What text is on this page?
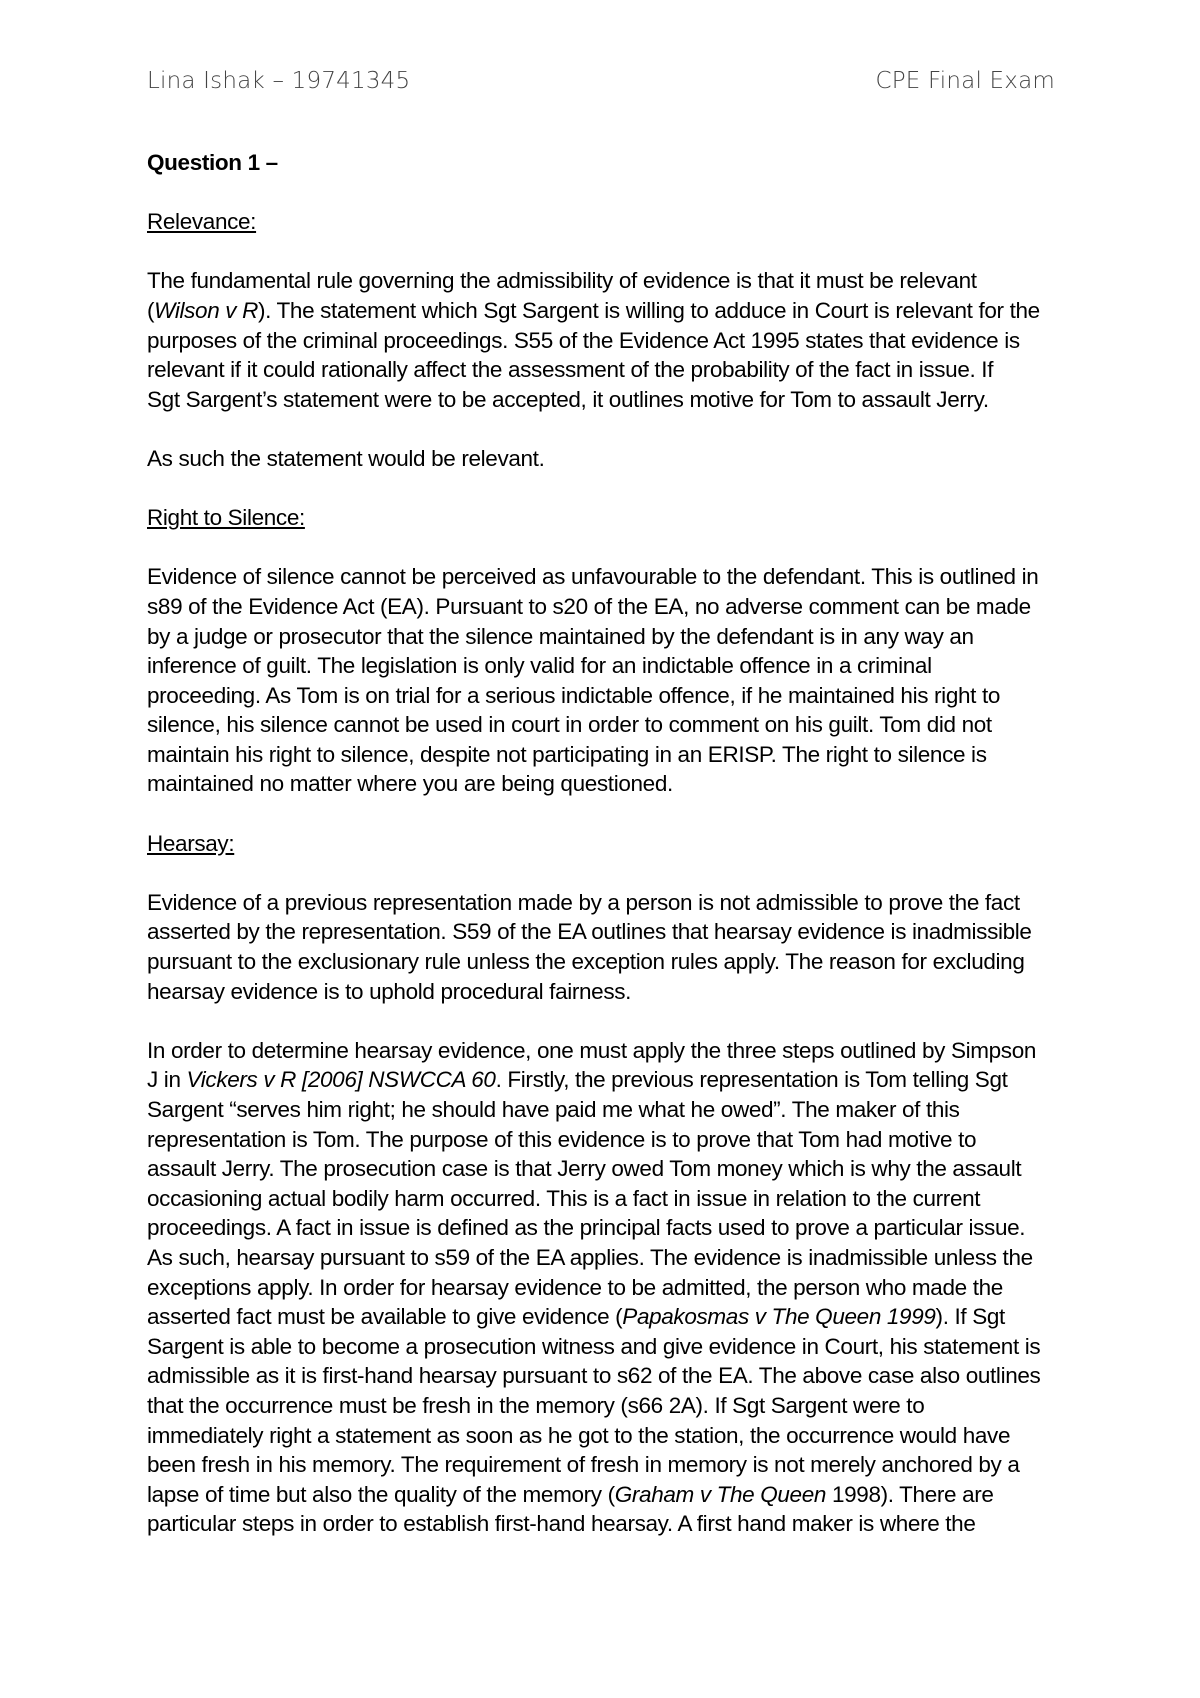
Lina Ishak – 19741345	CPE Final Exam

Question 1 –

Relevance:

The fundamental rule governing the admissibility of evidence is that it must be relevant
(Wilson v R). The statement which Sgt Sargent is willing to adduce in Court is relevant for the
purposes of the criminal proceedings. S55 of the Evidence Act 1995 states that evidence is
relevant if it could rationally affect the assessment of the probability of the fact in issue. If
Sgt Sargent’s statement were to be accepted, it outlines motive for Tom to assault Jerry.

As such the statement would be relevant.

Right to Silence:

Evidence of silence cannot be perceived as unfavourable to the defendant. This is outlined in
s89 of the Evidence Act (EA). Pursuant to s20 of the EA, no adverse comment can be made
by a judge or prosecutor that the silence maintained by the defendant is in any way an
inference of guilt. The legislation is only valid for an indictable offence in a criminal
proceeding. As Tom is on trial for a serious indictable offence, if he maintained his right to
silence, his silence cannot be used in court in order to comment on his guilt. Tom did not
maintain his right to silence, despite not participating in an ERISP. The right to silence is
maintained no matter where you are being questioned.

Hearsay:

Evidence of a previous representation made by a person is not admissible to prove the fact
asserted by the representation. S59 of the EA outlines that hearsay evidence is inadmissible
pursuant to the exclusionary rule unless the exception rules apply. The reason for excluding
hearsay evidence is to uphold procedural fairness.

In order to determine hearsay evidence, one must apply the three steps outlined by Simpson
J in Vickers v R [2006] NSWCCA 60. Firstly, the previous representation is Tom telling Sgt
Sargent “serves him right; he should have paid me what he owed”. The maker of this
representation is Tom. The purpose of this evidence is to prove that Tom had motive to
assault Jerry. The prosecution case is that Jerry owed Tom money which is why the assault
occasioning actual bodily harm occurred. This is a fact in issue in relation to the current
proceedings. A fact in issue is defined as the principal facts used to prove a particular issue.
As such, hearsay pursuant to s59 of the EA applies. The evidence is inadmissible unless the
exceptions apply. In order for hearsay evidence to be admitted, the person who made the
asserted fact must be available to give evidence (Papakosmas v The Queen 1999). If Sgt
Sargent is able to become a prosecution witness and give evidence in Court, his statement is
admissible as it is first-hand hearsay pursuant to s62 of the EA. The above case also outlines
that the occurrence must be fresh in the memory (s66 2A). If Sgt Sargent were to
immediately right a statement as soon as he got to the station, the occurrence would have
been fresh in his memory. The requirement of fresh in memory is not merely anchored by a
lapse of time but also the quality of the memory (Graham v The Queen 1998). There are
particular steps in order to establish first-hand hearsay. A first hand maker is where the
